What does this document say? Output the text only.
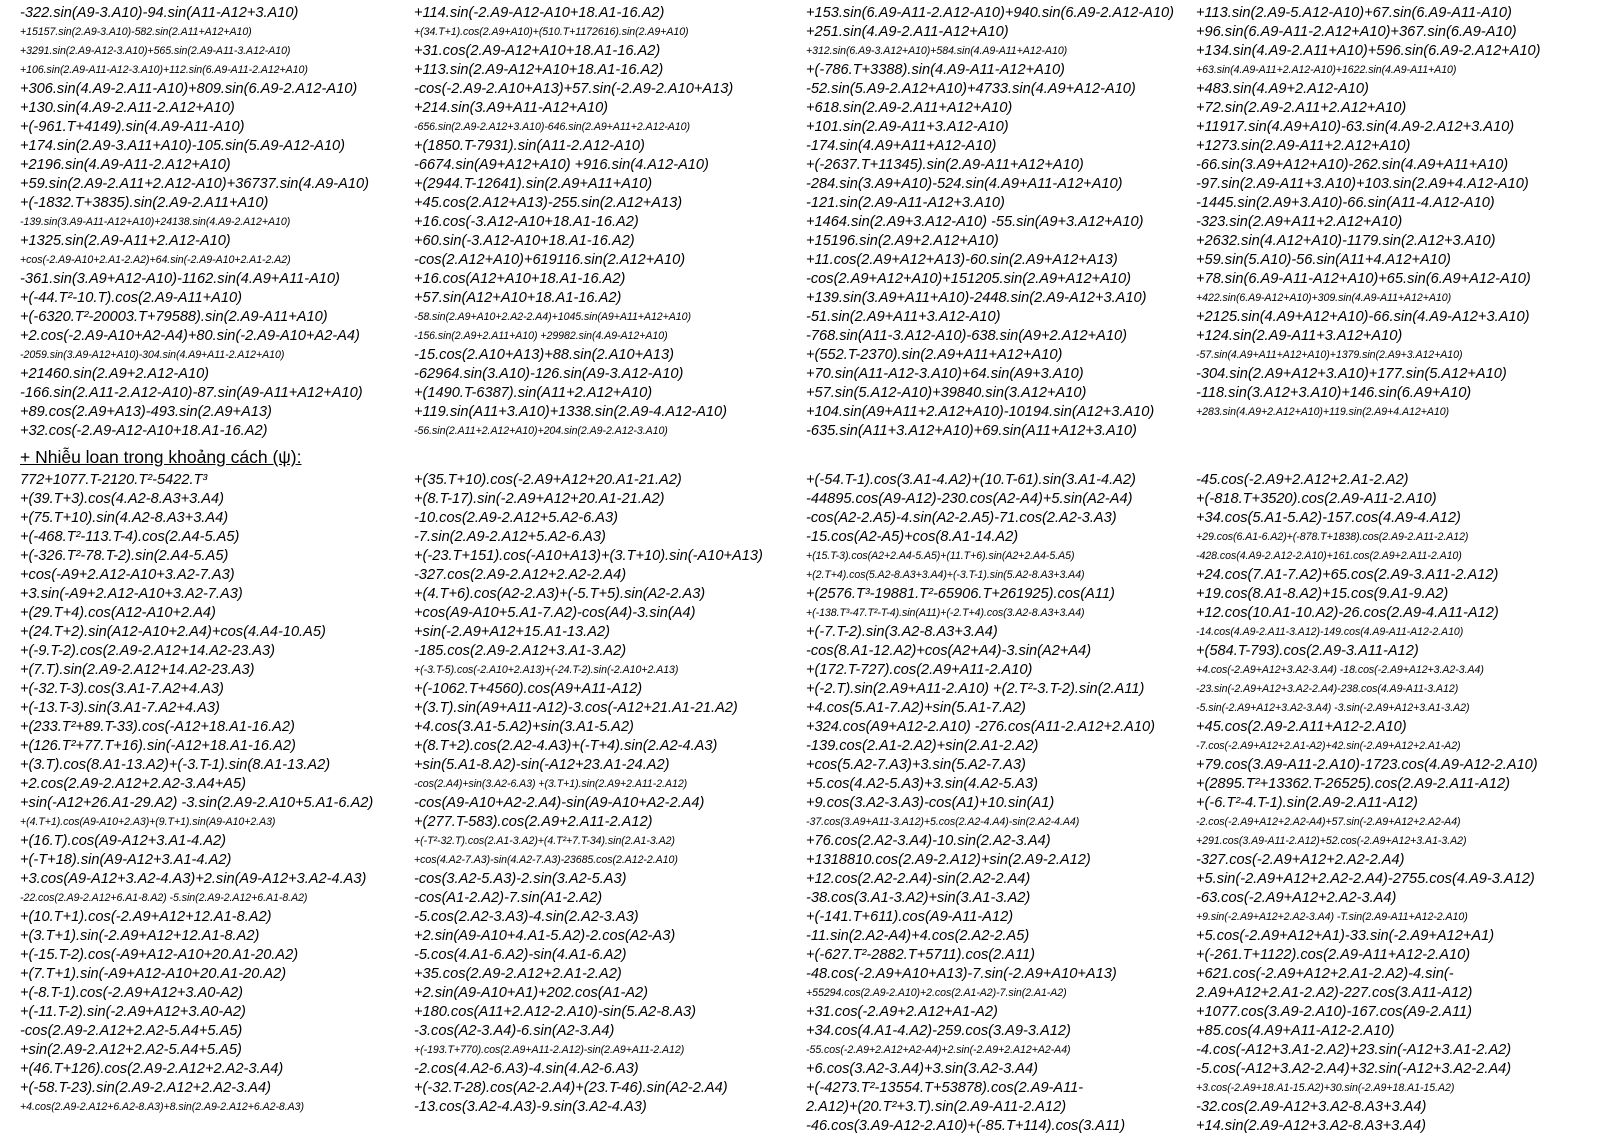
-322.sin(A9-3.A10)-94.sin(A11-A12+3.A10)
+15157.sin(2.A9-3.A10)-582.sin(2.A11+A12+A10)
+3291.sin(2.A9-A12-3.A10)+565.sin(2.A9-A11-3.A12-A10)
+106.sin(2.A9-A11-A12-3.A10)+112.sin(6.A9-A11-2.A12+A10)
+306.sin(4.A9-2.A11-A10)+809.sin(6.A9-2.A12-A10)
+130.sin(4.A9-2.A11-2.A12+A10)
+(-961.T+4149).sin(4.A9-A11-A10)
+174.sin(2.A9-3.A11+A10)-105.sin(5.A9-A12-A10)
+2196.sin(4.A9-A11-2.A12+A10)
+59.sin(2.A9-2.A11+2.A12-A10)+36737.sin(4.A9-A10)
+(-1832.T+3835).sin(2.A9-2.A11+A10)
-139.sin(3.A9-A11-A12+A10)+24138.sin(4.A9-2.A12+A10)
+1325.sin(2.A9-A11+2.A12-A10)
+cos(-2.A9-A10+2.A1-2.A2)+64.sin(-2.A9-A10+2.A1-2.A2)
-361.sin(3.A9+A12-A10)-1162.sin(4.A9+A11-A10)
+(-44.T²-10.T).cos(2.A9-A11+A10)
+(-6320.T²-20003.T+79588).sin(2.A9-A11+A10)
+2.cos(-2.A9-A10+A2-A4)+80.sin(-2.A9-A10+A2-A4)
-2059.sin(3.A9-A12+A10)-304.sin(4.A9+A11-2.A12+A10)
+21460.sin(2.A9+2.A12-A10)
-166.sin(2.A11-2.A12-A10)-87.sin(A9-A11+A12+A10)
+89.cos(2.A9+A13)-493.sin(2.A9+A13)
+32.cos(-2.A9-A12-A10+18.A1-16.A2)
+114.sin(-2.A9-A12-A10+18.A1-16.A2)
+(34.T+1).cos(2.A9+A10)+(510.T+1172616).sin(2.A9+A10)
+31.cos(2.A9-A12+A10+18.A1-16.A2)
+113.sin(2.A9-A12+A10+18.A1-16.A2)
-cos(-2.A9-2.A10+A13)+57.sin(-2.A9-2.A10+A13)
+214.sin(3.A9+A11-A12+A10)
-656.sin(2.A9-2.A12+3.A10)-646.sin(2.A9+A11+2.A12-A10)
+(1850.T-7931).sin(A11-2.A12-A10)
-6674.sin(A9+A12+A10) +916.sin(4.A12-A10)
+(2944.T-12641).sin(2.A9+A11+A10)
+45.cos(2.A12+A13)-255.sin(2.A12+A13)
+16.cos(-3.A12-A10+18.A1-16.A2)
+60.sin(-3.A12-A10+18.A1-16.A2)
-cos(2.A12+A10)+619116.sin(2.A12+A10)
+16.cos(A12+A10+18.A1-16.A2)
+57.sin(A12+A10+18.A1-16.A2)
-58.sin(2.A9+A10+2.A2-2.A4)+1045.sin(A9+A11+A12+A10)
-156.sin(2.A9+2.A11+A10) +29982.sin(4.A9-A12+A10)
-15.cos(2.A10+A13)+88.sin(2.A10+A13)
-62964.sin(3.A10)-126.sin(A9-3.A12-A10)
+(1490.T-6387).sin(A11+2.A12+A10)
+119.sin(A11+3.A10)+1338.sin(2.A9-4.A12-A10)
-56.sin(2.A11+2.A12+A10)+204.sin(2.A9-2.A12-3.A10)
+153.sin(6.A9-A11-2.A12-A10)+940.sin(6.A9-2.A12-A10)
+251.sin(4.A9-2.A11-A12+A10)
+312.sin(6.A9-3.A12+A10)+584.sin(4.A9-A11+A12-A10)
+(-786.T+3388).sin(4.A9-A11-A12+A10)
-52.sin(5.A9-2.A12+A10)+4733.sin(4.A9+A12-A10)
+618.sin(2.A9-2.A11+A12+A10)
+101.sin(2.A9-A11+3.A12-A10)
-174.sin(4.A9+A11+A12-A10)
+(-2637.T+11345).sin(2.A9-A11+A12+A10)
-284.sin(3.A9+A10)-524.sin(4.A9+A11-A12+A10)
-121.sin(2.A9-A11-A12+3.A10)
+1464.sin(2.A9+3.A12-A10) -55.sin(A9+3.A12+A10)
+15196.sin(2.A9+2.A12+A10)
+11.cos(2.A9+A12+A13)-60.sin(2.A9+A12+A13)
-cos(2.A9+A12+A10)+151205.sin(2.A9+A12+A10)
+139.sin(3.A9+A11+A10)-2448.sin(2.A9-A12+3.A10)
-51.sin(2.A9+A11+3.A12-A10)
-768.sin(A11-3.A12-A10)-638.sin(A9+2.A12+A10)
+(552.T-2370).sin(2.A9+A11+A12+A10)
+70.sin(A11-A12-3.A10)+64.sin(A9+3.A10)
+57.sin(5.A12-A10)+39840.sin(3.A12+A10)
+104.sin(A9+A11+2.A12+A10)-10194.sin(A12+3.A10)
-635.sin(A11+3.A12+A10)+69.sin(A11+A12+3.A10)
+113.sin(2.A9-5.A12-A10)+67.sin(6.A9-A11-A10)
+96.sin(6.A9-A11-2.A12+A10)+367.sin(6.A9-A10)
+134.sin(4.A9-2.A11+A10)+596.sin(6.A9-2.A12+A10)
+63.sin(4.A9-A11+2.A12-A10)+1622.sin(4.A9-A11+A10)
+483.sin(4.A9+2.A12-A10)
+72.sin(2.A9-2.A11+2.A12+A10)
+11917.sin(4.A9+A10)-63.sin(4.A9-2.A12+3.A10)
+1273.sin(2.A9-A11+2.A12+A10)
-66.sin(3.A9+A12+A10)-262.sin(4.A9+A11+A10)
-97.sin(2.A9-A11+3.A10)+103.sin(2.A9+4.A12-A10)
-1445.sin(2.A9+3.A10)-66.sin(A11-4.A12-A10)
-323.sin(2.A9+A11+2.A12+A10)
+2632.sin(4.A12+A10)-1179.sin(2.A12+3.A10)
+59.sin(5.A10)-56.sin(A11+4.A12+A10)
+78.sin(6.A9-A11-A12+A10)+65.sin(6.A9+A12-A10)
+422.sin(6.A9-A12+A10)+309.sin(4.A9-A11+A12+A10)
+2125.sin(4.A9+A12+A10)-66.sin(4.A9-A12+3.A10)
+124.sin(2.A9-A11+3.A12+A10)
-57.sin(4.A9+A11+A12+A10)+1379.sin(2.A9+3.A12+A10)
-304.sin(2.A9+A12+3.A10)+177.sin(5.A12+A10)
-118.sin(3.A12+3.A10)+146.sin(6.A9+A10)
+283.sin(4.A9+2.A12+A10)+119.sin(2.A9+4.A12+A10)
+ Nhiễu loan trong khoảng cách (ψ):
772+1077.T-2120.T²-5422.T³
+(39.T+3).cos(4.A2-8.A3+3.A4)
+(75.T+10).sin(4.A2-8.A3+3.A4)
+(-468.T²-113.T-4).cos(2.A4-5.A5)
+(-326.T²-78.T-2).sin(2.A4-5.A5)
+cos(-A9+2.A12-A10+3.A2-7.A3)
+3.sin(-A9+2.A12-A10+3.A2-7.A3)
+(29.T+4).cos(A12-A10+2.A4)
+(24.T+2).sin(A12-A10+2.A4)+cos(4.A4-10.A5)
+(-9.T-2).cos(2.A9-2.A12+14.A2-23.A3)
+(7.T).sin(2.A9-2.A12+14.A2-23.A3)
+(-32.T-3).cos(3.A1-7.A2+4.A3)
+(-13.T-3).sin(3.A1-7.A2+4.A3)
+(233.T²+89.T-33).cos(-A12+18.A1-16.A2)
+(126.T²+77.T+16).sin(-A12+18.A1-16.A2)
+(3.T).cos(8.A1-13.A2)+(-3.T-1).sin(8.A1-13.A2)
+2.cos(2.A9-2.A12+2.A2-3.A4+A5)
+sin(-A12+26.A1-29.A2) -3.sin(2.A9-2.A10+5.A1-6.A2)
+(4.T+1).cos(A9-A10+2.A3)+(9.T+1).sin(A9-A10+2.A3)
+(16.T).cos(A9-A12+3.A1-4.A2)
+(-T+18).sin(A9-A12+3.A1-4.A2)
+3.cos(A9-A12+3.A2-4.A3)+2.sin(A9-A12+3.A2-4.A3)
-22.cos(2.A9-2.A12+6.A1-8.A2) -5.sin(2.A9-2.A12+6.A1-8.A2)
+(10.T+1).cos(-2.A9+A12+12.A1-8.A2)
+(3.T+1).sin(-2.A9+A12+12.A1-8.A2)
+(-15.T-2).cos(-A9+A12-A10+20.A1-20.A2)
+(7.T+1).sin(-A9+A12-A10+20.A1-20.A2)
+(-8.T-1).cos(-2.A9+A12+3.A0-A2)
+(-11.T-2).sin(-2.A9+A12+3.A0-A2)
-cos(2.A9-2.A12+2.A2-5.A4+5.A5)
+sin(2.A9-2.A12+2.A2-5.A4+5.A5)
+(46.T+126).cos(2.A9-2.A12+2.A2-3.A4)
+(-58.T-23).sin(2.A9-2.A12+2.A2-3.A4)
+4.cos(2.A9-2.A12+6.A2-8.A3)+8.sin(2.A9-2.A12+6.A2-8.A3)
+(35.T+10).cos(-2.A9+A12+20.A1-21.A2)
+(8.T-17).sin(-2.A9+A12+20.A1-21.A2)
-10.cos(2.A9-2.A12+5.A2-6.A3)
-7.sin(2.A9-2.A12+5.A2-6.A3)
+(-23.T+151).cos(-A10+A13)+(3.T+10).sin(-A10+A13)
-327.cos(2.A9-2.A12+2.A2-2.A4)
+(4.T+6).cos(A2-2.A3)+(-5.T+5).sin(A2-2.A3)
+cos(A9-A10+5.A1-7.A2)-cos(A4)-3.sin(A4)
+sin(-2.A9+A12+15.A1-13.A2)
-185.cos(2.A9-2.A12+3.A1-3.A2)
+(-3.T-5).cos(-2.A10+2.A13)+(-24.T-2).sin(-2.A10+2.A13)
+(-1062.T+4560).cos(A9+A11-A12)
+(3.T).sin(A9+A11-A12)-3.cos(-A12+21.A1-21.A2)
+4.cos(3.A1-5.A2)+sin(3.A1-5.A2)
+(8.T+2).cos(2.A2-4.A3)+(-T+4).sin(2.A2-4.A3)
+sin(5.A1-8.A2)-sin(-A12+23.A1-24.A2)
-cos(2.A4)+sin(3.A2-6.A3) +(3.T+1).sin(2.A9+2.A11-2.A12)
-cos(A9-A10+A2-2.A4)-sin(A9-A10+A2-2.A4)
+(277.T-583).cos(2.A9+2.A11-2.A12)
+(-T²-32.T).cos(2.A1-3.A2)+(4.T²+7.T-34).sin(2.A1-3.A2)
+cos(4.A2-7.A3)-sin(4.A2-7.A3)-23685.cos(2.A12-2.A10)
-cos(3.A2-5.A3)-2.sin(3.A2-5.A3)
-cos(A1-2.A2)-7.sin(A1-2.A2)
-5.cos(2.A2-3.A3)-4.sin(2.A2-3.A3)
+2.sin(A9-A10+4.A1-5.A2)-2.cos(A2-A3)
-5.cos(4.A1-6.A2)-sin(4.A1-6.A2)
+35.cos(2.A9-2.A12+2.A1-2.A2)
+2.sin(A9-A10+A1)+202.cos(A1-A2)
+180.cos(A11+2.A12-2.A10)-sin(5.A2-8.A3)
-3.cos(A2-3.A4)-6.sin(A2-3.A4)
+(-193.T+770).cos(2.A9+A11-2.A12)-sin(2.A9+A11-2.A12)
-2.cos(4.A2-6.A3)-4.sin(4.A2-6.A3)
+(-32.T-28).cos(A2-2.A4)+(23.T-46).sin(A2-2.A4)
-13.cos(3.A2-4.A3)-9.sin(3.A2-4.A3)
+(-54.T-1).cos(3.A1-4.A2)+(10.T-61).sin(3.A1-4.A2)
-44895.cos(A9-A12)-230.cos(A2-A4)+5.sin(A2-A4)
-cos(A2-2.A5)-4.sin(A2-2.A5)-71.cos(2.A2-3.A3)
-15.cos(A2-A5)+cos(8.A1-14.A2)
+(15.T-3).cos(A2+2.A4-5.A5)+(11.T+6).sin(A2+2.A4-5.A5)
+(2.T+4).cos(5.A2-8.A3+3.A4)+(-3.T-1).sin(5.A2-8.A3+3.A4)
+(2576.T³-19881.T²-65906.T+261925).cos(A11)
+(-138.T³-47.T²-T-4).sin(A11)+(-2.T+4).cos(3.A2-8.A3+3.A4)
+(-7.T-2).sin(3.A2-8.A3+3.A4)
-cos(8.A1-12.A2)+cos(A2+A4)-3.sin(A2+A4)
+(172.T-727).cos(2.A9+A11-2.A10)
+(-2.T).sin(2.A9+A11-2.A10) +(2.T²-3.T-2).sin(2.A11)
+4.cos(5.A1-7.A2)+sin(5.A1-7.A2)
+324.cos(A9+A12-2.A10) -276.cos(A11-2.A12+2.A10)
-139.cos(2.A1-2.A2)+sin(2.A1-2.A2)
+cos(5.A2-7.A3)+3.sin(5.A2-7.A3)
+5.cos(4.A2-5.A3)+3.sin(4.A2-5.A3)
+9.cos(3.A2-3.A3)-cos(A1)+10.sin(A1)
-37.cos(3.A9+A11-3.A12)+5.cos(2.A2-4.A4)-sin(2.A2-4.A4)
+76.cos(2.A2-3.A4)-10.sin(2.A2-3.A4)
+1318810.cos(2.A9-2.A12)+sin(2.A9-2.A12)
+12.cos(2.A2-2.A4)-sin(2.A2-2.A4)
-38.cos(3.A1-3.A2)+sin(3.A1-3.A2)
+(-141.T+611).cos(A9-A11-A12)
-11.sin(2.A2-A4)+4.cos(2.A2-2.A5)
+(-627.T²-2882.T+5711).cos(2.A11)
-48.cos(-2.A9+A10+A13)-7.sin(-2.A9+A10+A13)
+55294.cos(2.A9-2.A10)+2.cos(2.A1-A2)-7.sin(2.A1-A2)
+31.cos(-2.A9+2.A12+A1-A2)
+34.cos(4.A1-4.A2)-259.cos(3.A9-3.A12)
-55.cos(-2.A9+2.A12+A2-A4)+2.sin(-2.A9+2.A12+A2-A4)
+6.cos(3.A2-3.A4)+3.sin(3.A2-3.A4)
+(-4273.T²-13554.T+53878).cos(2.A9-A11-
2.A12)+(20.T²+3.T).sin(2.A9-A11-2.A12)
-46.cos(3.A9-A12-2.A10)+(-85.T+114).cos(3.A11)
-45.cos(-2.A9+2.A12+2.A1-2.A2)
+(-818.T+3520).cos(2.A9-A11-2.A10)
+34.cos(5.A1-5.A2)-157.cos(4.A9-4.A12)
+29.cos(6.A1-6.A2)+(-878.T+1838).cos(2.A9-2.A11-2.A12)
-428.cos(4.A9-2.A12-2.A10)+161.cos(2.A9+2.A11-2.A10)
+24.cos(7.A1-7.A2)+65.cos(2.A9-3.A11-2.A12)
+19.cos(8.A1-8.A2)+15.cos(9.A1-9.A2)
+12.cos(10.A1-10.A2)-26.cos(2.A9-4.A11-A12)
-14.cos(4.A9-2.A11-3.A12)-149.cos(4.A9-A11-A12-2.A10)
+(584.T-793).cos(2.A9-3.A11-A12)
+4.cos(-2.A9+A12+3.A2-3.A4) -18.cos(-2.A9+A12+3.A2-3.A4)
-23.sin(-2.A9+A12+3.A2-2.A4)-238.cos(4.A9-A11-3.A12)
-5.sin(-2.A9+A12+3.A2-3.A4) -3.sin(-2.A9+A12+3.A1-3.A2)
+45.cos(2.A9-2.A11+A12-2.A10)
-7.cos(-2.A9+A12+2.A1-A2)+42.sin(-2.A9+A12+2.A1-A2)
+79.cos(3.A9-A11-2.A10)-1723.cos(4.A9-A12-2.A10)
+(2895.T²+13362.T-26525).cos(2.A9-2.A11-A12)
+(-6.T²-4.T-1).sin(2.A9-2.A11-A12)
-2.cos(-2.A9+A12+2.A2-A4)+57.sin(-2.A9+A12+2.A2-A4)
+291.cos(3.A9-A11-2.A12)+52.cos(-2.A9+A12+3.A1-3.A2)
-327.cos(-2.A9+A12+2.A2-2.A4)
+5.sin(-2.A9+A12+2.A2-2.A4)-2755.cos(4.A9-3.A12)
-63.cos(-2.A9+A12+2.A2-3.A4)
+9.sin(-2.A9+A12+2.A2-3.A4) -T.sin(2.A9-A11+A12-2.A10)
+5.cos(-2.A9+A12+A1)-33.sin(-2.A9+A12+A1)
+(-261.T+1122).cos(2.A9-A11+A12-2.A10)
+621.cos(-2.A9+A12+2.A1-2.A2)-4.sin(-
2.A9+A12+2.A1-2.A2)-227.cos(3.A11-A12)
+1077.cos(3.A9-2.A10)-167.cos(A9-2.A11)
+85.cos(4.A9+A11-A12-2.A10)
-4.cos(-A12+3.A1-2.A2)+23.sin(-A12+3.A1-2.A2)
-5.cos(-A12+3.A2-2.A4)+32.sin(-A12+3.A2-2.A4)
+3.cos(-2.A9+18.A1-15.A2)+30.sin(-2.A9+18.A1-15.A2)
-32.cos(2.A9-A12+3.A2-8.A3+3.A4)
+14.sin(2.A9-A12+3.A2-8.A3+3.A4)
